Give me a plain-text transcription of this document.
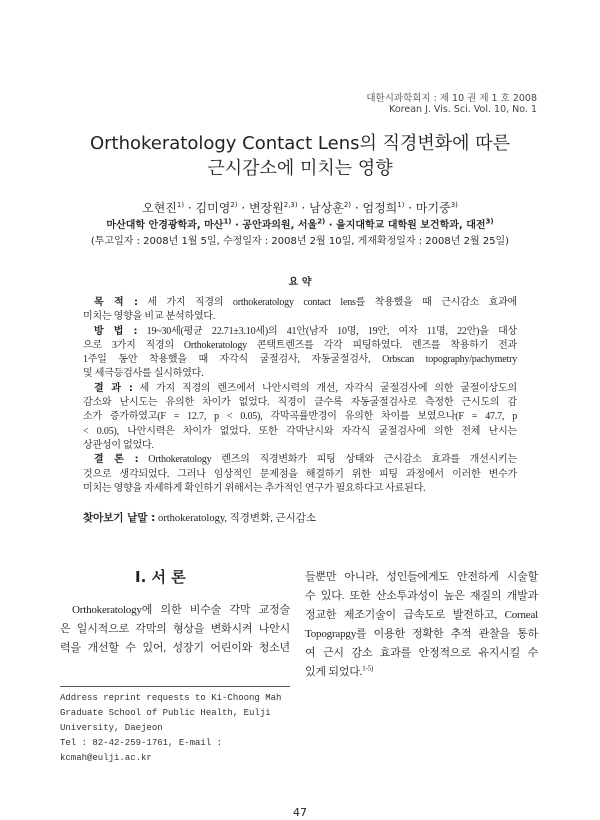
대한시과학회지 : 제 10 권 제 1 호 2008
Korean J. Vis. Sci. Vol. 10, No. 1
Orthokeratology Contact Lens의 직경변화에 따른
근시감소에 미치는 영향
오현진$^{1)}$ · 김미영$^{2)}$ · 변장원$^{2,3)}$ · 남상훈$^{2)}$ · 엄정희$^{1)}$ · 마기중$^{3)}$
마산대학 안경광학과, 마산$^{1)}$ · 공안과의원, 서울$^{2)}$ · 을지대학교 대학원 보건학과, 대전$^{3)}$
(투고일자 : 2008년 1월 5일, 수정일자 : 2008년 2월 10일, 게재확정일자 : 2008년 2월 25일)
요 약
목 적 : 세 가지 직경의 orthokeratology contact lens를 착용했을 때 근시감소 효과에
미치는 영향을 비교 분석하였다.
방 법 : 19~30세(평균 22.71±3.10세)의 41안(남자 10명, 19안, 여자 11명, 22안)을 대상
으로 3가지 직경의 Orthokeratology 콘택트렌즈를 각각 피팅하였다. 렌즈를 착용하기 전과
1주일 동안 착용했을 때 자각식 굴절검사, 자동굴절검사, Orbscan topography/pachymetry
및 세극등검사를 실시하였다.
결 과 : 세 가지 직경의 렌즈에서 나안시력의 개선, 자각식 굴절검사에 의한 굴절이상도의
감소와 난시도는 유의한 차이가 없었다. 직경이 클수록 자동굴절검사로 측정한 근시도의 감
소가 증가하였고(F = 12.7, p < 0.05), 각막곡률반경이 유의한 차이를 보였으나(F = 47.7, p
< 0.05), 나안시력은 차이가 없었다. 또한 각막난시와 자각식 굴절검사에 의한 전체 난시는
상관성이 없었다.
결 론 : Orthokeratology 렌즈의 직경변화가 피팅 상태와 근시감소 효과를 개선시키는
것으로 생각되었다. 그러나 임상적인 문제점을 해결하기 위한 피팅 과정에서 이러한 변수가
미치는 영향을 자세하게 확인하기 위해서는 추가적인 연구가 필요하다고 사료된다.
찾아보기 낱말 : orthokeratology, 직경변화, 근시감소
I. 서 론
Orthokeratology에 의한 비수술 각막 교정술
은 일시적으로 각막의 형상을 변화시켜 나안시
력을 개선할 수 있어, 성장기 어린이와 청소년
Address reprint requests to Ki-Choong Mah
Graduate School of Public Health, Eulji University, Daejeon
Tel : 82-42-259-1761, E-mail : kcmah@eulji.ac.kr
들뿐만 아니라, 성인들에게도 안전하게 시술할
수 있다. 또한 산소투과성이 높은 재질의 개발과
정교한 제조기술이 급속도로 발전하고, Corneal
Topograpgy를 이용한 정확한 추적 관찰을 통하
여 근시 감소 효과를 안정적으로 유지시킬 수
있게 되었다.$^{1-5)}$
47
